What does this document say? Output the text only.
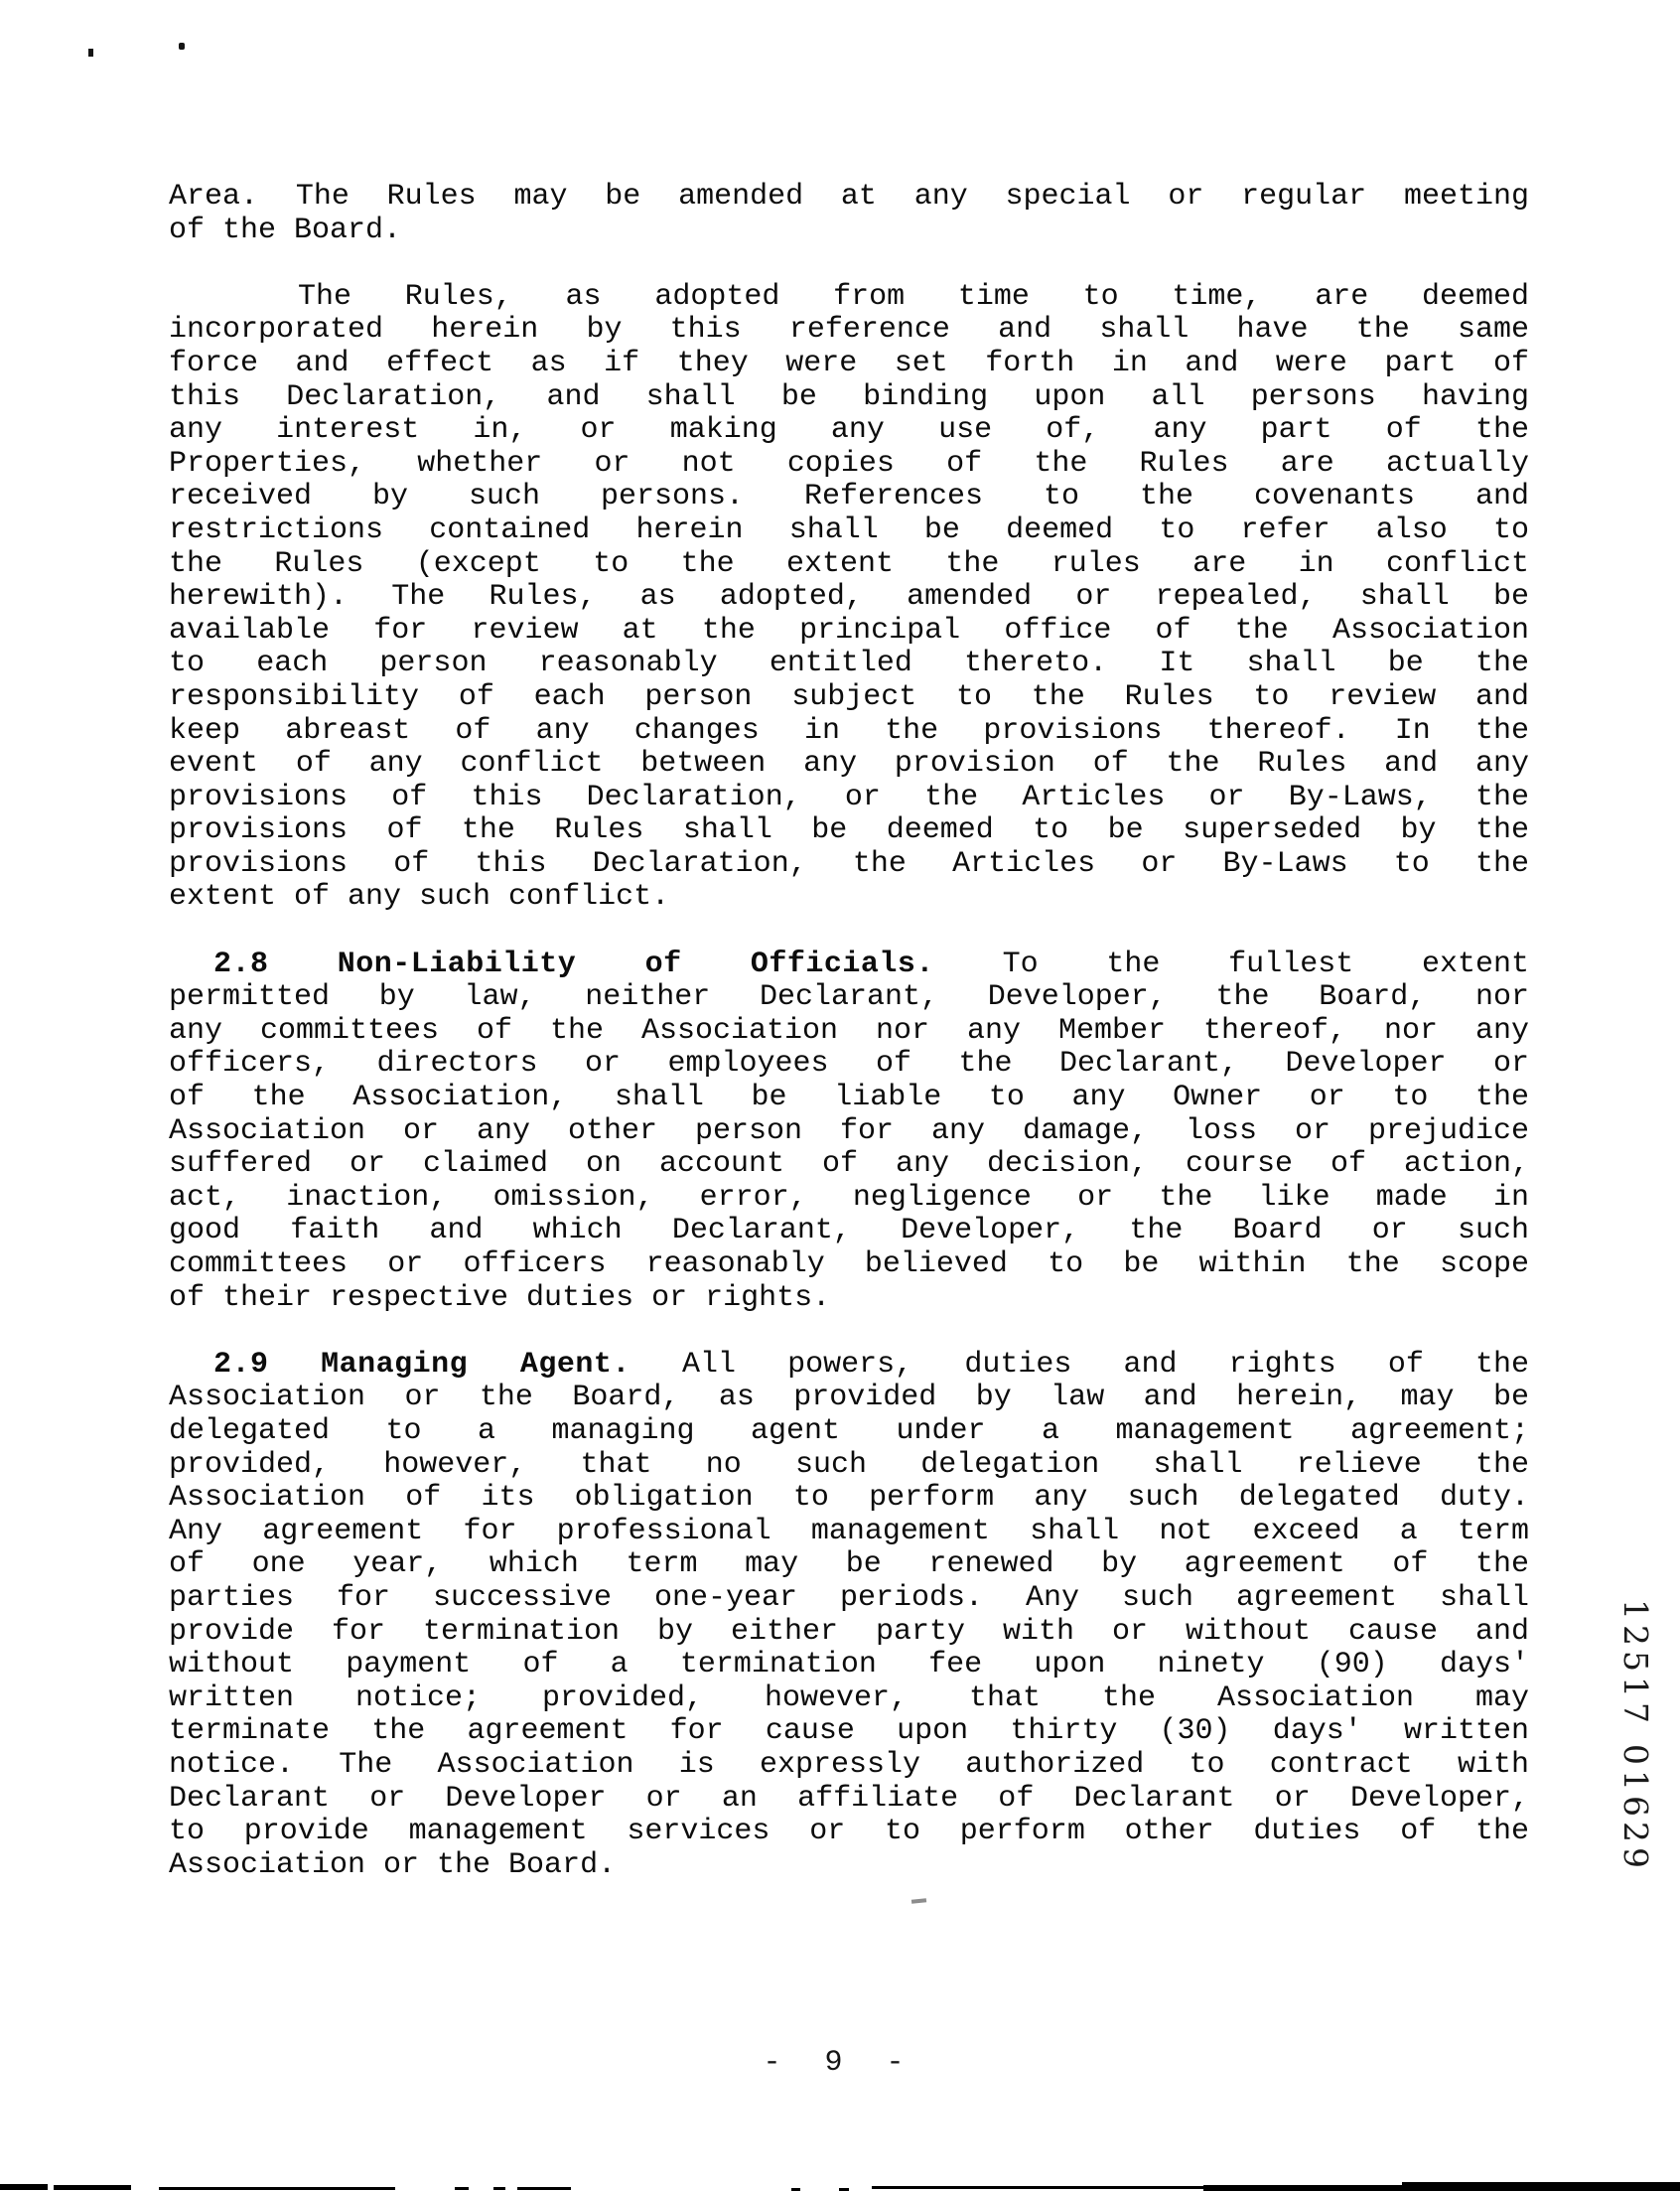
Area. The Rules may be amended at any special or regular meeting
of the Board.
The Rules, as adopted from time to time, are deemed
incorporated herein by this reference and shall have the same
force and effect as if they were set forth in and were part of
this Declaration, and shall be binding upon all persons having
any interest in, or making any use of, any part of the
Properties, whether or not copies of the Rules are actually
received by such persons. References to the covenants and
restrictions contained herein shall be deemed to refer also to
the Rules (except to the extent the rules are in conflict
herewith). The Rules, as adopted, amended or repealed, shall be
available for review at the principal office of the Association
to each person reasonably entitled thereto. It shall be the
responsibility of each person subject to the Rules to review and
keep abreast of any changes in the provisions thereof. In the
event of any conflict between any provision of the Rules and any
provisions of this Declaration, or the Articles or By-Laws, the
provisions of the Rules shall be deemed to be superseded by the
provisions of this Declaration, the Articles or By-Laws to the
extent of any such conflict.
2.8 Non-Liability of Officials. To the fullest extent
permitted by law, neither Declarant, Developer, the Board, nor
any committees of the Association nor any Member thereof, nor any
officers, directors or employees of the Declarant, Developer or
of the Association, shall be liable to any Owner or to the
Association or any other person for any damage, loss or prejudice
suffered or claimed on account of any decision, course of action,
act, inaction, omission, error, negligence or the like made in
good faith and which Declarant, Developer, the Board or such
committees or officers reasonably believed to be within the scope
of their respective duties or rights.
2.9 Managing Agent. All powers, duties and rights of the
Association or the Board, as provided by law and herein, may be
delegated to a managing agent under a management agreement;
provided, however, that no such delegation shall relieve the
Association of its obligation to perform any such delegated duty.
Any agreement for professional management shall not exceed a term
of one year, which term may be renewed by agreement of the
parties for successive one-year periods. Any such agreement shall
provide for termination by either party with or without cause and
without payment of a termination fee upon ninety (90) days'
written notice; provided, however, that the Association may
terminate the agreement for cause upon thirty (30) days' written
notice. The Association is expressly authorized to contract with
Declarant or Developer or an affiliate of Declarant or Developer,
to provide management services or to perform other duties of the
Association or the Board.
12517
01629
- 9 -
